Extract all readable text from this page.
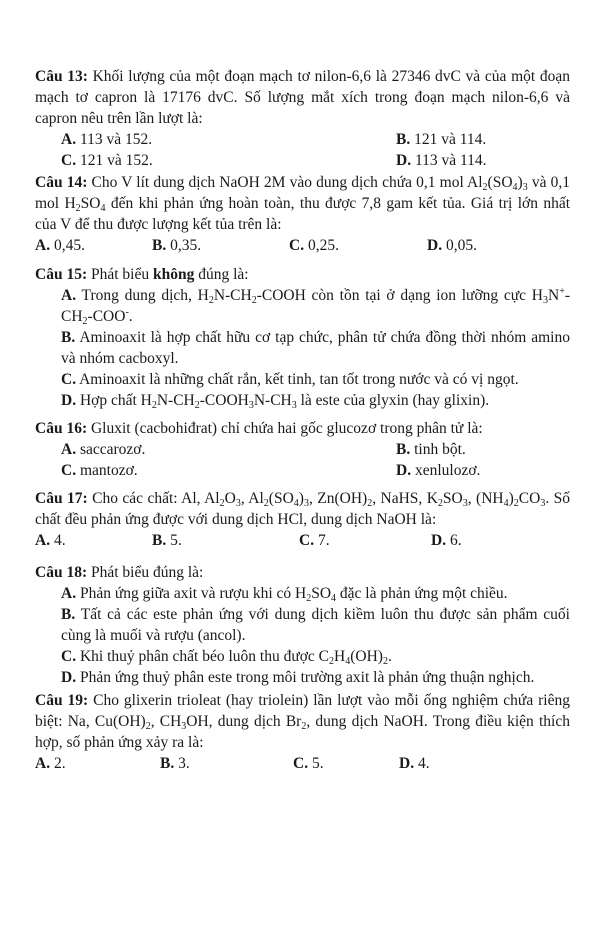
Câu 13: Khối lượng của một đoạn mạch tơ nilon-6,6 là 27346 dvC và của một đoạn mạch tơ capron là 17176 dvC. Số lượng mắt xích trong đoạn mạch nilon-6,6 và capron nêu trên lần lượt là:

A. 113 và 152.	B. 121 và 114.
C. 121 và 152.	D. 113 và 114.

Câu 14: Cho V lít dung dịch NaOH 2M vào dung dịch chứa 0,1 mol $Al_2(SO_4)_3$ và 0,1 mol $H_2SO_4$ đến khi phản ứng hoàn toàn, thu được 7,8 gam kết tủa. Giá trị lớn nhất của V để thu được lượng kết tủa trên là:

A. 0,45.	B. 0,35.	C. 0,25.	D. 0,05.

Câu 15: Phát biểu không đúng là:

A. Trong dung dịch, $H_2N-CH_2$-COOH còn tồn tại ở dạng ion lưỡng cực $H_3N^+-CH_2-COO^-$.

B. Aminoaxit là hợp chất hữu cơ tạp chức, phân tử chứa đồng thời nhóm amino và nhóm cacboxyl.

C. Aminoaxit là những chất rắn, kết tinh, tan tốt trong nước và có vị ngọt.

D. Hợp chất $H_2N-CH_2-COOH_3N-CH_3$ là este của glyxin (hay glixin).

Câu 16: Gluxit (cacbohiđrat) chỉ chứa hai gốc glucozơ trong phân tử là:

A. saccarozơ.	B. tinh bột.
C. mantozơ.	D. xenlulozơ.

Câu 17: Cho các chất: Al, $Al_2O_3$, $Al_2(SO_4)_3$, $Zn(OH)_2$, NaHS, $K_2SO_3$, $(NH_4)_2CO_3$. Số chất đều phản ứng được với dung dịch HCl, dung dịch NaOH là:

A. 4.	B. 5.	C. 7.	D. 6.

Câu 18: Phát biểu đúng là:

A. Phản ứng giữa axit và rượu khi có $H_2SO_4$ đặc là phản ứng một chiều.

B. Tất cả các este phản ứng với dung dịch kiềm luôn thu được sản phẩm cuối cùng là muối và rượu (ancol).

C. Khi thuỷ phân chất béo luôn thu được $C_2H_4(OH)_2$.

D. Phản ứng thuỷ phân este trong môi trường axit là phản ứng thuận nghịch.

Câu 19: Cho glixerin trioleat (hay triolein) lần lượt vào mỗi ống nghiệm chứa riêng biệt: Na, $Cu(OH)_2$, $CH_3OH$, dung dịch $Br_2$, dung dịch NaOH. Trong điều kiện thích hợp, số phản ứng xảy ra là:

A. 2.	B. 3.	C. 5.	D. 4.
